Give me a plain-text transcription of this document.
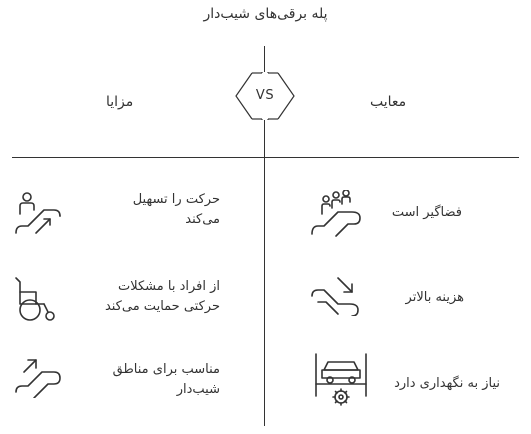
پله برقی‌های شیب‌دار
مزایا	معایب
VS
حرکت را تسهیل
می‌کند
از افراد با مشکلات
حرکتی حمایت می‌کند
مناسب برای مناطق
شیب‌دار
فضاگیر است
هزینه بالاتر
نیاز به نگهداری دارد
